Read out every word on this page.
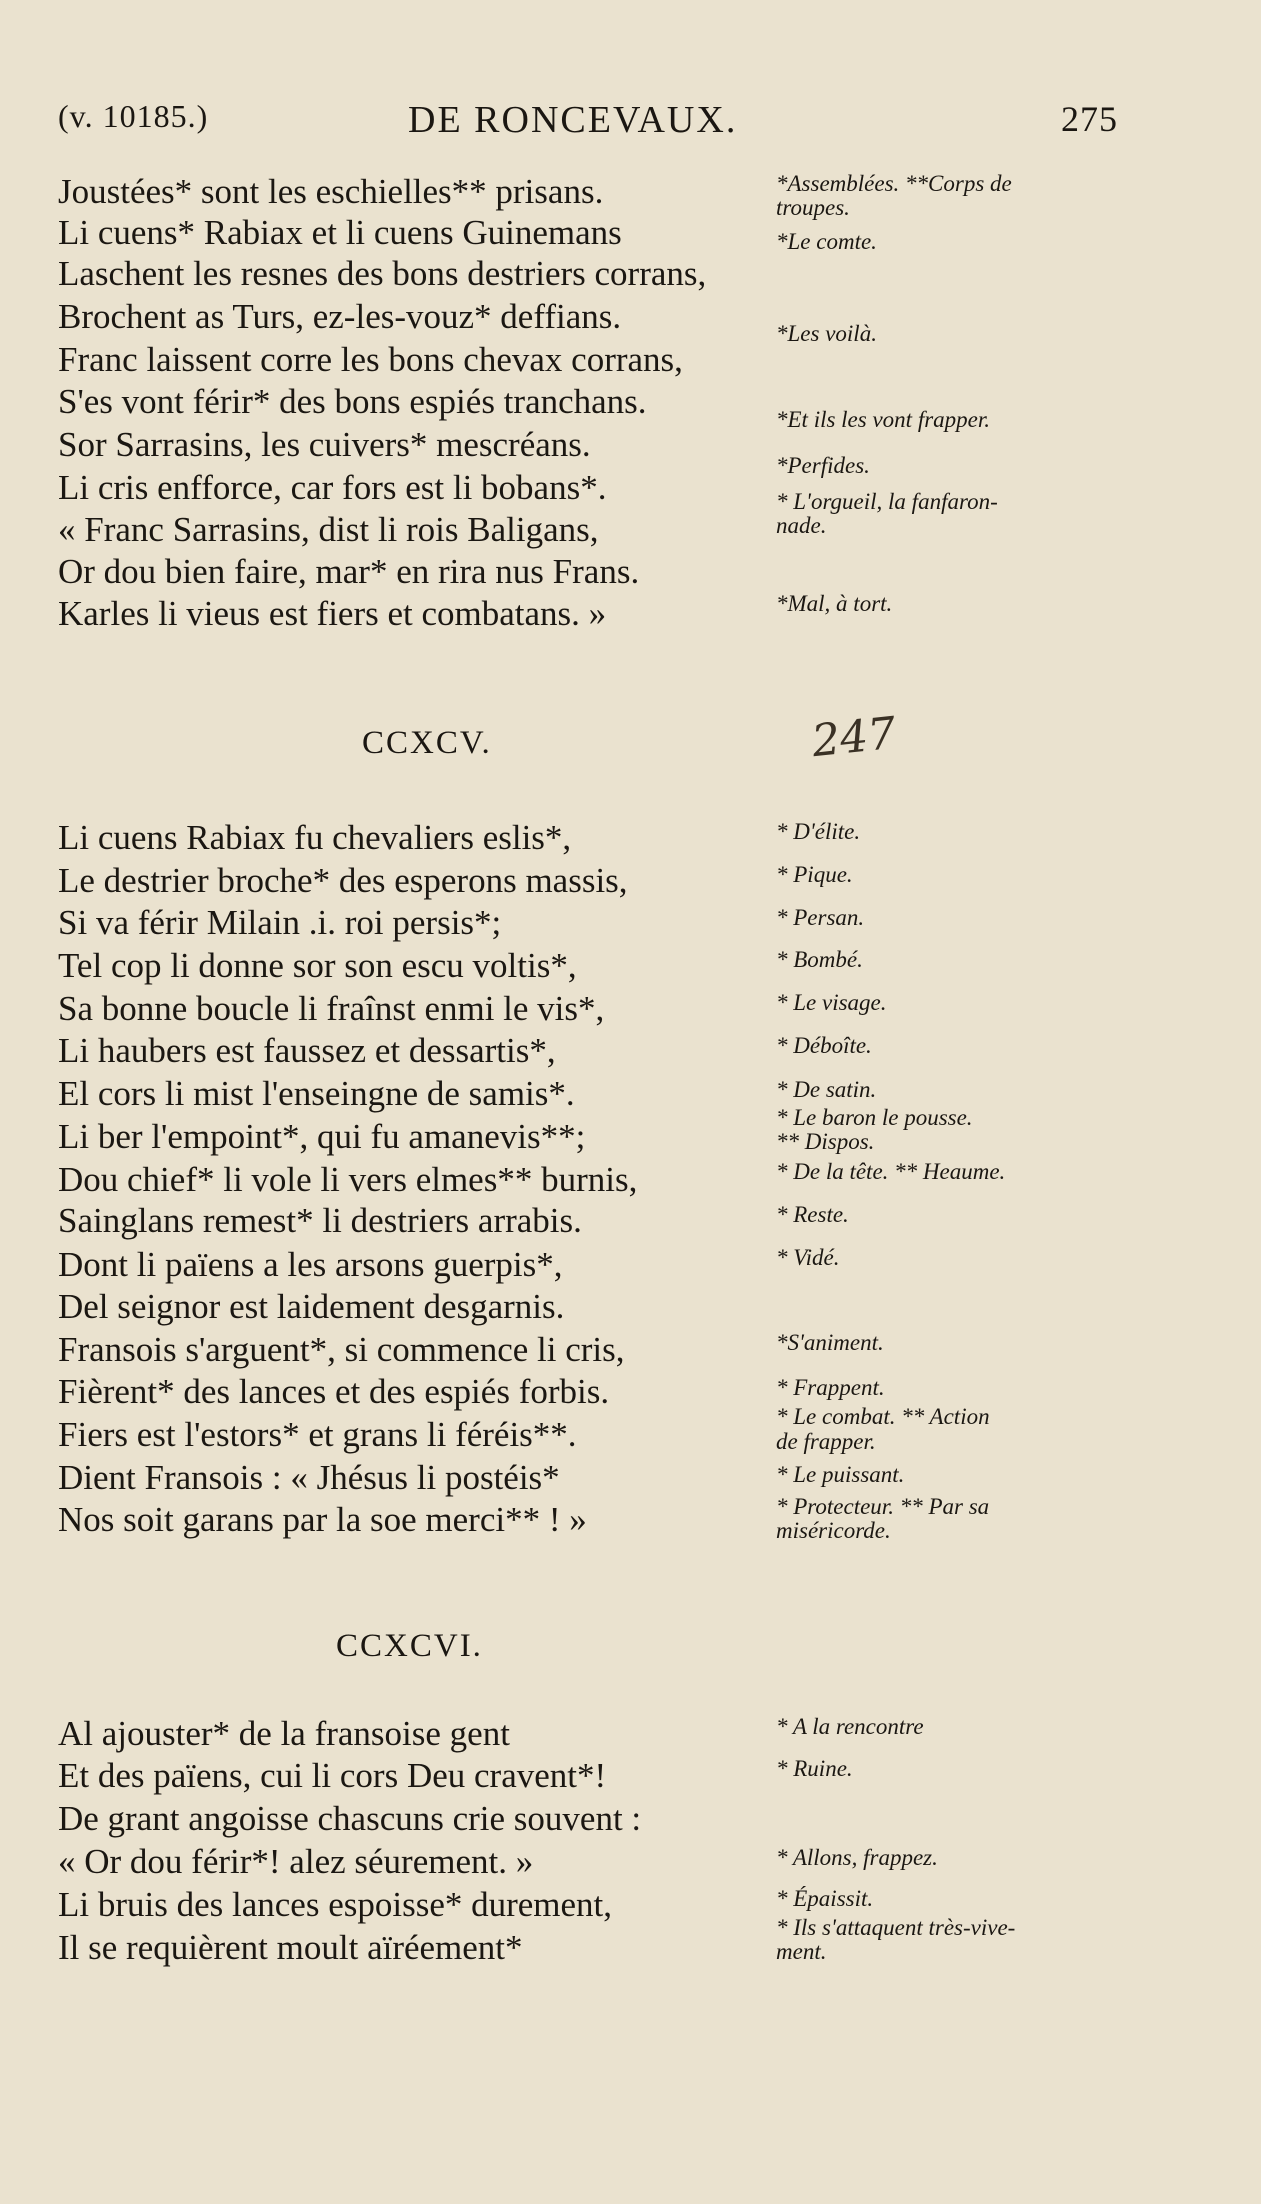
(v. 10185.)	DE RONCEVAUX.	275
Joustées* sont les eschielles** prisans.
Li cuens* Rabiax et li cuens Guinemans
Laschent les resnes des bons destriers corrans,
Brochent as Turs, ez-les-vouz* deffians.
Franc laissent corre les bons chevax corrans,
S'es vont férir* des bons espiés tranchans.
Sor Sarrasins, les cuivers* mescréans.
Li cris enfforce, car fors est li bobans*.
« Franc Sarrasins, dist li rois Baligans,
Or dou bien faire, mar* en rira nus Frans.
Karles li vieus est fiers et combatans. »
*Assemblées. **Corps de
troupes.
*Le comte.
*Les voilà.
*Et ils les vont frapper.
*Perfides.
* L'orgueil, la fanfaron-
nade.
*Mal, à tort.
CCXCV.
Li cuens Rabiax fu chevaliers eslis*,
Le destrier broche* des esperons massis,
Si va férir Milain .i. roi persis*;
Tel cop li donne sor son escu voltis*,
Sa bonne boucle li fraînst enmi le vis*,
Li haubers est faussez et dessartis*,
El cors li mist l'enseingne de samis*.
Li ber l'empoint*, qui fu amanevis**;
Dou chief* li vole li vers elmes** burnis,
Sainglans remest* li destriers arrabis.
Dont li païens a les arsons guerpis*,
Del seignor est laidement desgarnis.
Fransois s'arguent*, si commence li cris,
Fièrent* des lances et des espiés forbis.
Fiers est l'estors* et grans li féréis**.
Dient Fransois : « Jhésus li postéis*
Nos soit garans par la soe merci** ! »
* D'élite.
* Pique.
* Persan.
* Bombé.
* Le visage.
* Déboîte.
* De satin.
* Le baron le pousse.
** Dispos.
* De la tête. ** Heaume.
* Reste.
* Vidé.
*S'animent.
* Frappent.
* Le combat. ** Action
de frapper.
* Le puissant.
* Protecteur. ** Par sa
miséricorde.
CCXCVI.
Al ajouster* de la fransoise gent
Et des païens, cui li cors Deu cravent*!
De grant angoisse chascuns crie souvent :
« Or dou férir*! alez séurement. »
Li bruis des lances espoisse* durement,
Il se requièrent moult aïréement*
* A la rencontre
* Ruine.
* Allons, frappez.
* Épaissit.
* Ils s'attaquent très-vive-
ment.
247
